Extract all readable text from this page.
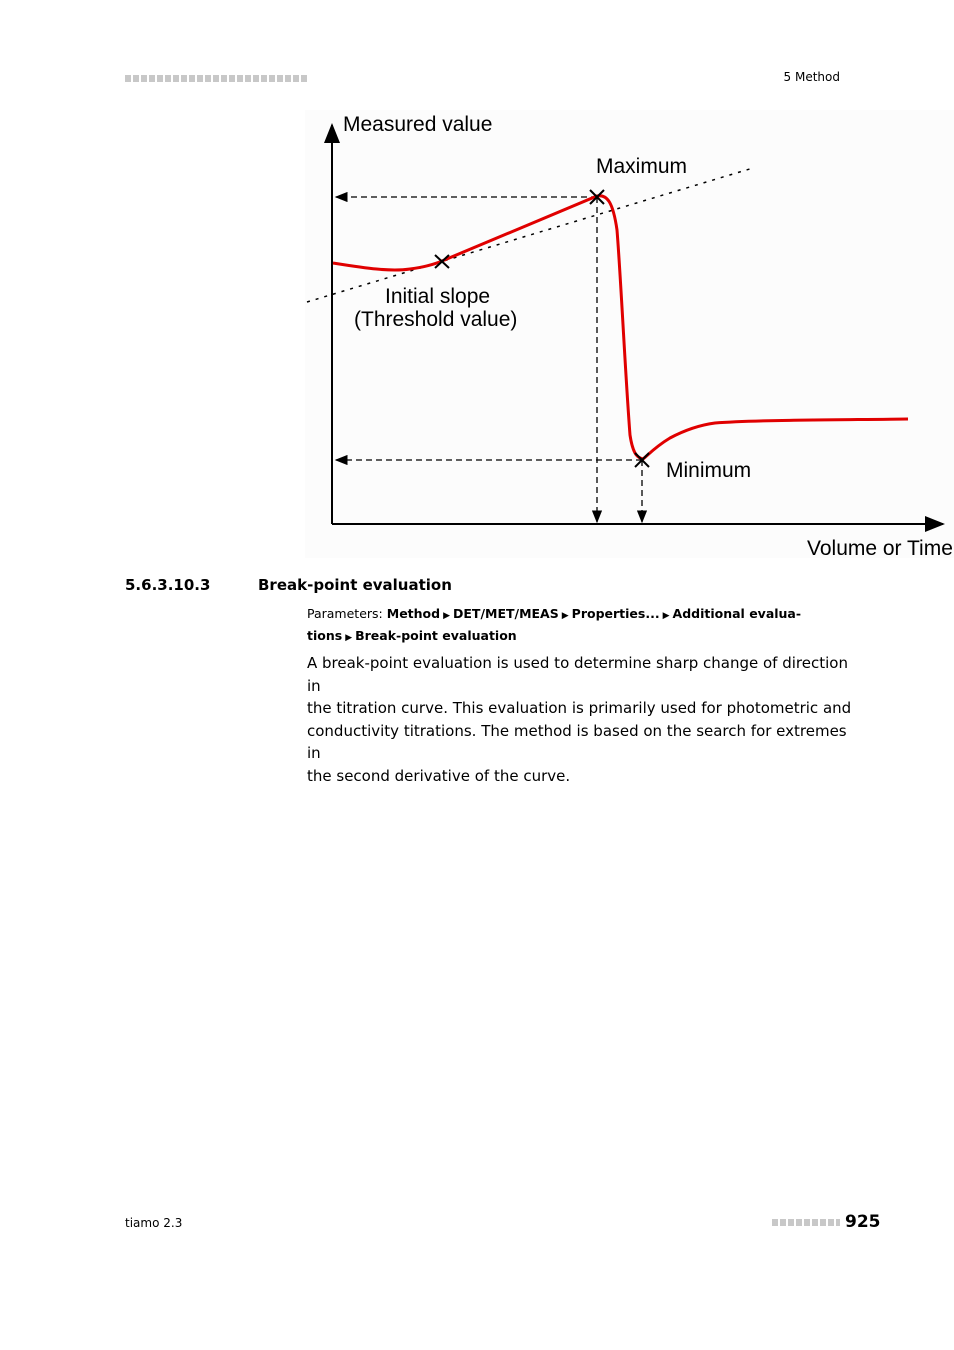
5 Method
Measured value
Maximum
Initial slope
(Threshold value)
Minimum
Volume or Time
5.6.3.10.3	Break-point evaluation
Parameters: Method ▶ DET/MET/MEAS ▶ Properties... ▶ Additional evalua-
tions ▶ Break-point evaluation
A break-point evaluation is used to determine sharp change of direction in
the titration curve. This evaluation is primarily used for photometric and
conductivity titrations. The method is based on the search for extremes in
the second derivative of the curve.
tiamo 2.3	925
